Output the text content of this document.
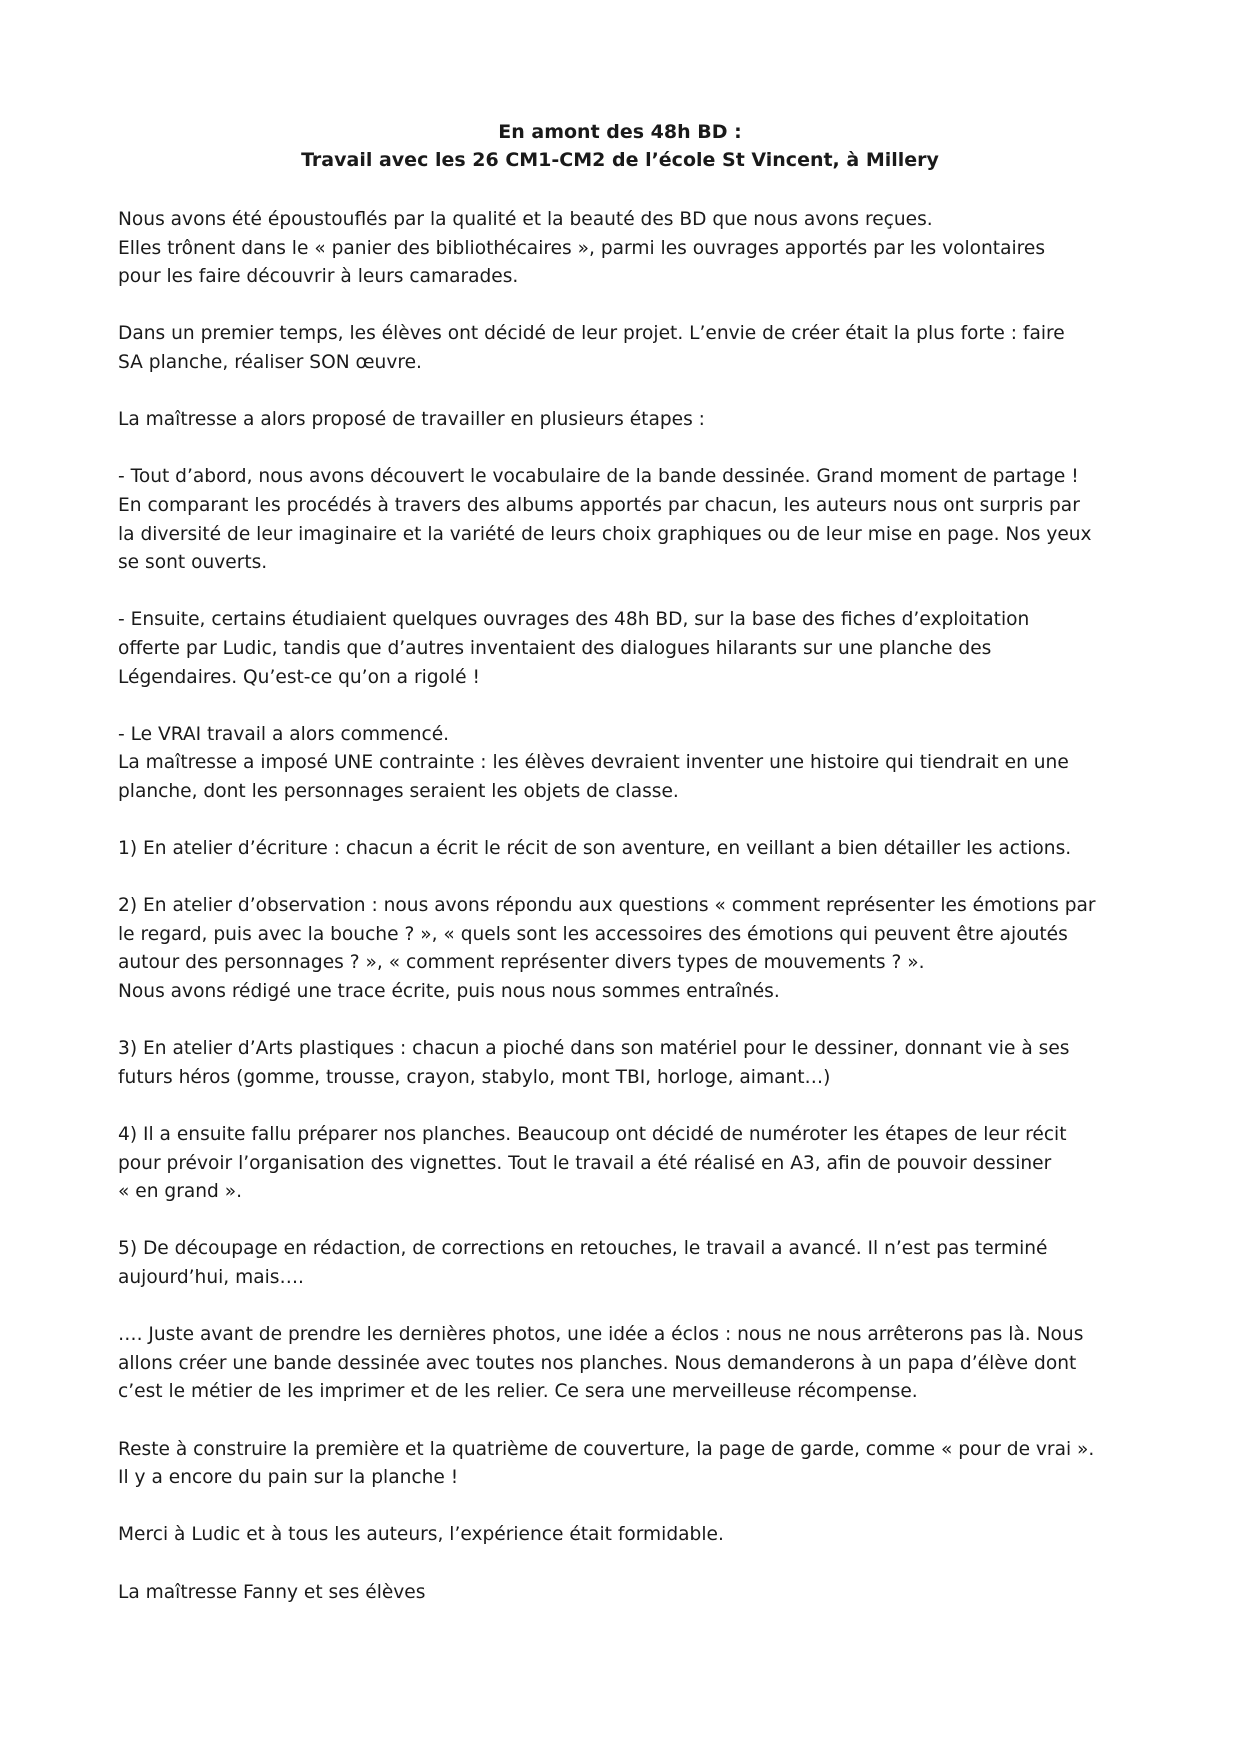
En amont des 48h BD :
Travail avec les 26 CM1-CM2 de l’école St Vincent, à Millery

Nous avons été époustouflés par la qualité et la beauté des BD que nous avons reçues.
Elles trônent dans le « panier des bibliothécaires », parmi les ouvrages apportés par les volontaires
pour les faire découvrir à leurs camarades.

Dans un premier temps, les élèves ont décidé de leur projet. L’envie de créer était la plus forte : faire
SA planche, réaliser SON œuvre.

La maîtresse a alors proposé de travailler en plusieurs étapes :

- Tout d’abord, nous avons découvert le vocabulaire de la bande dessinée. Grand moment de partage !
En comparant les procédés à travers des albums apportés par chacun, les auteurs nous ont surpris par
la diversité de leur imaginaire et la variété de leurs choix graphiques ou de leur mise en page. Nos yeux
se sont ouverts.

- Ensuite, certains étudiaient quelques ouvrages des 48h BD, sur la base des fiches d’exploitation
offerte par Ludic, tandis que d’autres inventaient des dialogues hilarants sur une planche des
Légendaires. Qu’est-ce qu’on a rigolé !

- Le VRAI travail a alors commencé.
La maîtresse a imposé UNE contrainte : les élèves devraient inventer une histoire qui tiendrait en une
planche, dont les personnages seraient les objets de classe.

1) En atelier d’écriture : chacun a écrit le récit de son aventure, en veillant a bien détailler les actions.

2) En atelier d’observation : nous avons répondu aux questions « comment représenter les émotions par
le regard, puis avec la bouche ? », « quels sont les accessoires des émotions qui peuvent être ajoutés
autour des personnages ? », « comment représenter divers types de mouvements ? ».
Nous avons rédigé une trace écrite, puis nous nous sommes entraînés.

3) En atelier d’Arts plastiques : chacun a pioché dans son matériel pour le dessiner, donnant vie à ses
futurs héros (gomme, trousse, crayon, stabylo, mont TBI, horloge, aimant…)

4) Il a ensuite fallu préparer nos planches. Beaucoup ont décidé de numéroter les étapes de leur récit
pour prévoir l’organisation des vignettes. Tout le travail a été réalisé en A3, afin de pouvoir dessiner
« en grand ».

5) De découpage en rédaction, de corrections en retouches, le travail a avancé. Il n’est pas terminé
aujourd’hui, mais….

…. Juste avant de prendre les dernières photos, une idée a éclos : nous ne nous arrêterons pas là. Nous
allons créer une bande dessinée avec toutes nos planches. Nous demanderons à un papa d’élève dont
c’est le métier de les imprimer et de les relier. Ce sera une merveilleuse récompense.

Reste à construire la première et la quatrième de couverture, la page de garde, comme « pour de vrai ».
Il y a encore du pain sur la planche !

Merci à Ludic et à tous les auteurs, l’expérience était formidable.

La maîtresse Fanny et ses élèves
